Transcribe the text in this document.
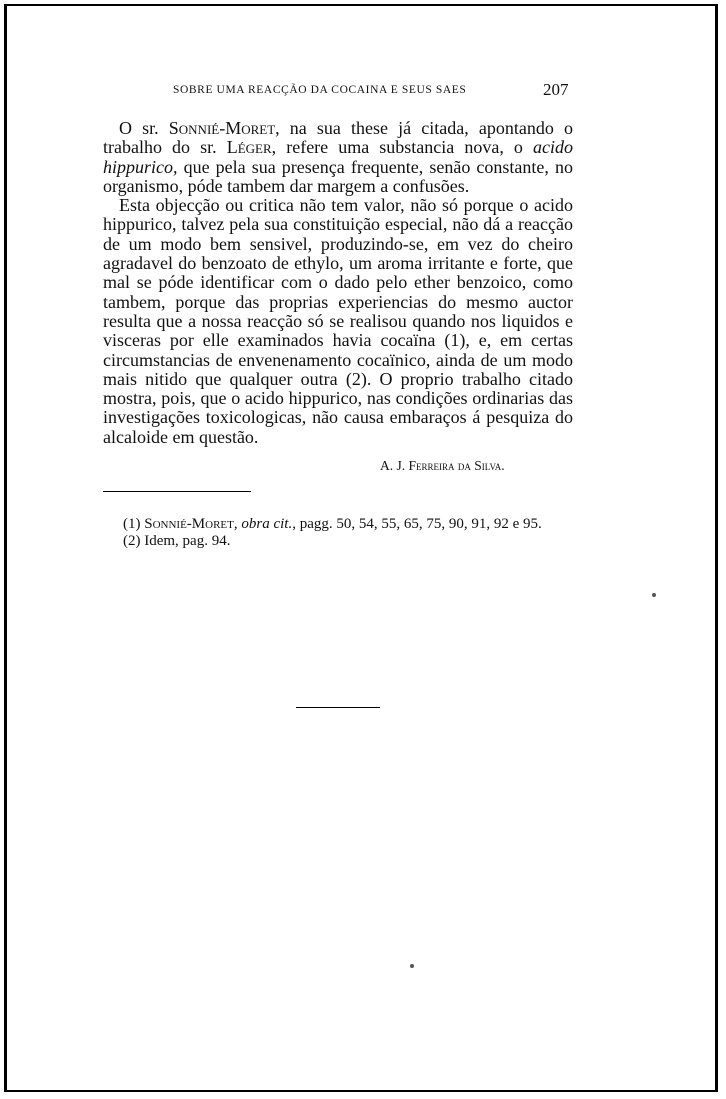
SOBRE UMA REACÇÃO DA COCAINA E SEUS SAES	207

O sr. Sonnié-Moret, na sua these já citada, apontando o trabalho do sr. Léger, refere uma substancia nova, o acido hippurico, que pela sua presença frequente, senão constante, no organismo, póde tambem dar margem a confusões.

Esta objecção ou critica não tem valor, não só porque o acido hippurico, talvez pela sua constituição especial, não dá a reacção de um modo bem sensivel, produzindo-se, em vez do cheiro agradavel do benzoato de ethylo, um aroma irritante e forte, que mal se póde identificar com o dado pelo ether benzoico, como tambem, porque das proprias experiencias do mesmo auctor resulta que a nossa reacção só se realisou quando nos liquidos e visceras por elle examinados havia cocaïna (1), e, em certas circumstancias de envenenamento cocaïnico, ainda de um modo mais nitido que qualquer outra (2). O proprio trabalho citado mostra, pois, que o acido hippurico, nas condições ordinarias das investigações toxicologicas, não causa embaraços á pesquiza do alcaloide em questão.

A. J. Ferreira da Silva.
(1) Sonnié-Moret, obra cit., pagg. 50, 54, 55, 65, 75, 90, 91, 92 e 95.
(2) Idem, pag. 94.
